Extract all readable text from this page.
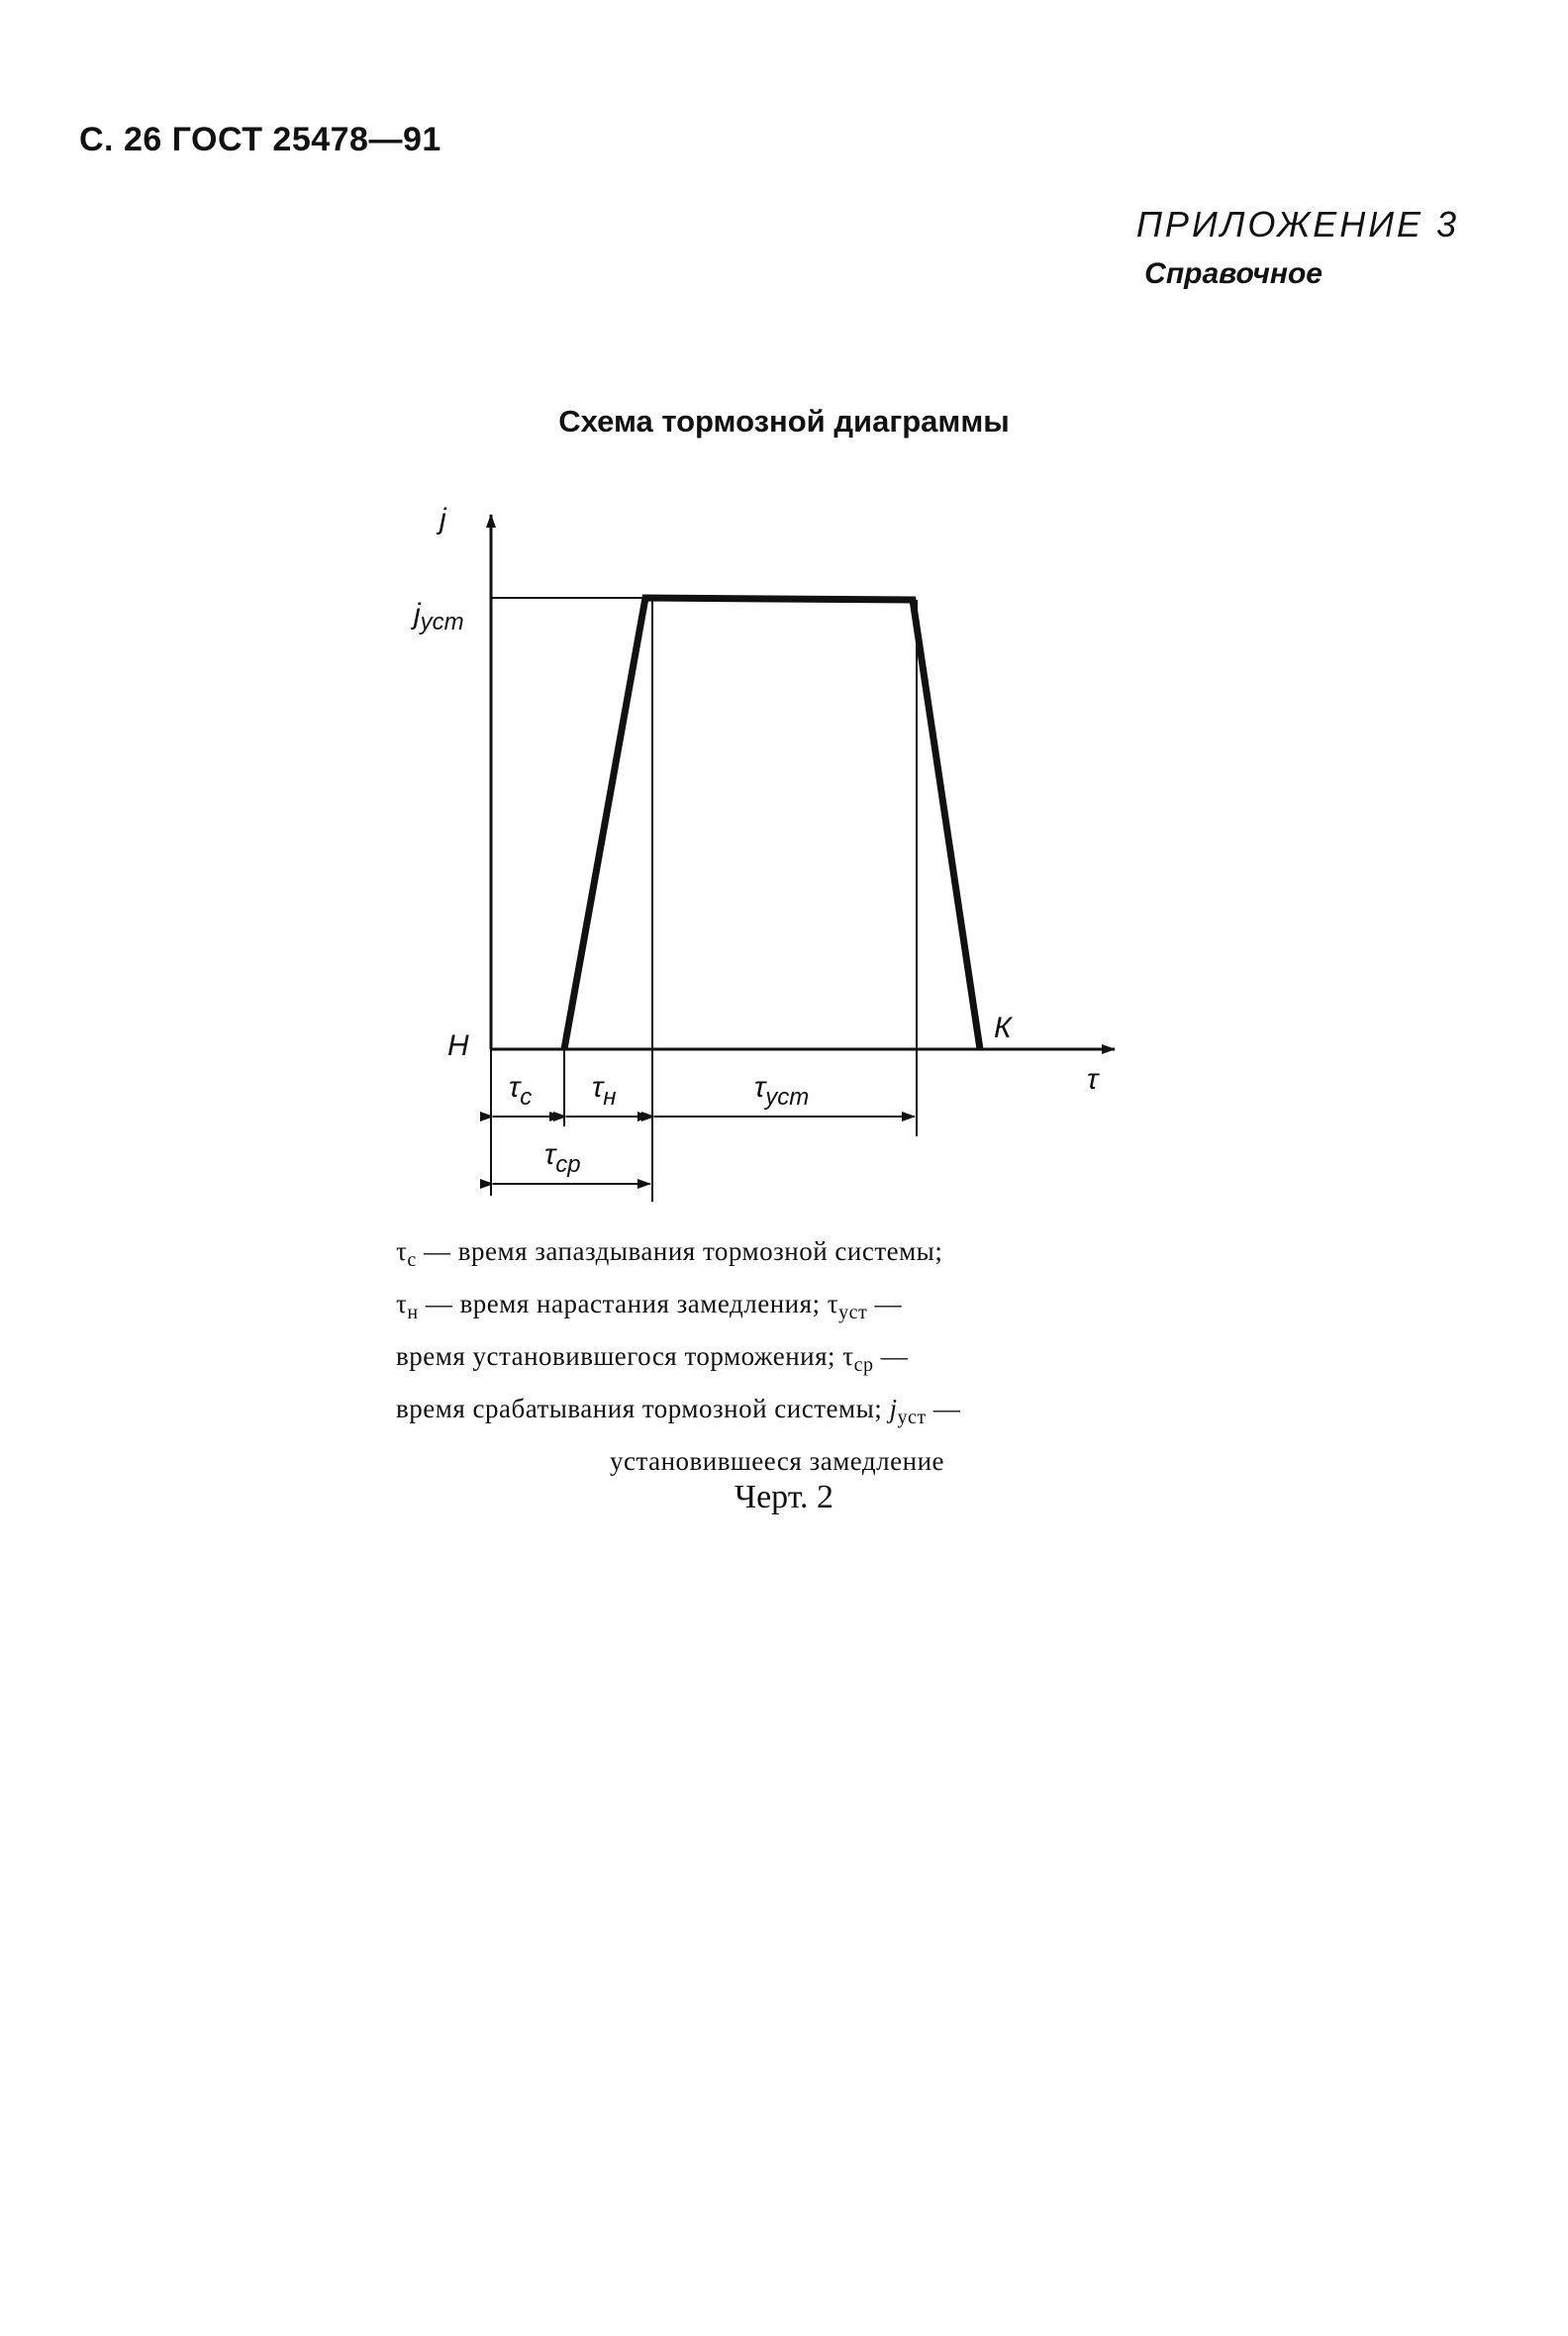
С. 26 ГОСТ 25478—91
ПРИЛОЖЕНИЕ 3
Справочное
Схема тормозной диаграммы
j
$j_{уст}$
Н
К
τ
$\tau_с$ $\tau_н$	$\tau_{уст}$
$\tau_{ср}$
$\tau_с$ — время запаздывания тормозной системы;
$\tau_н$ — время нарастания замедления; $\tau_{уст}$ —
время установившегося торможения; $\tau_{ср}$ —
время срабатывания тормозной системы; $j_{уст}$ —
установившееся замедление
Черт. 2
